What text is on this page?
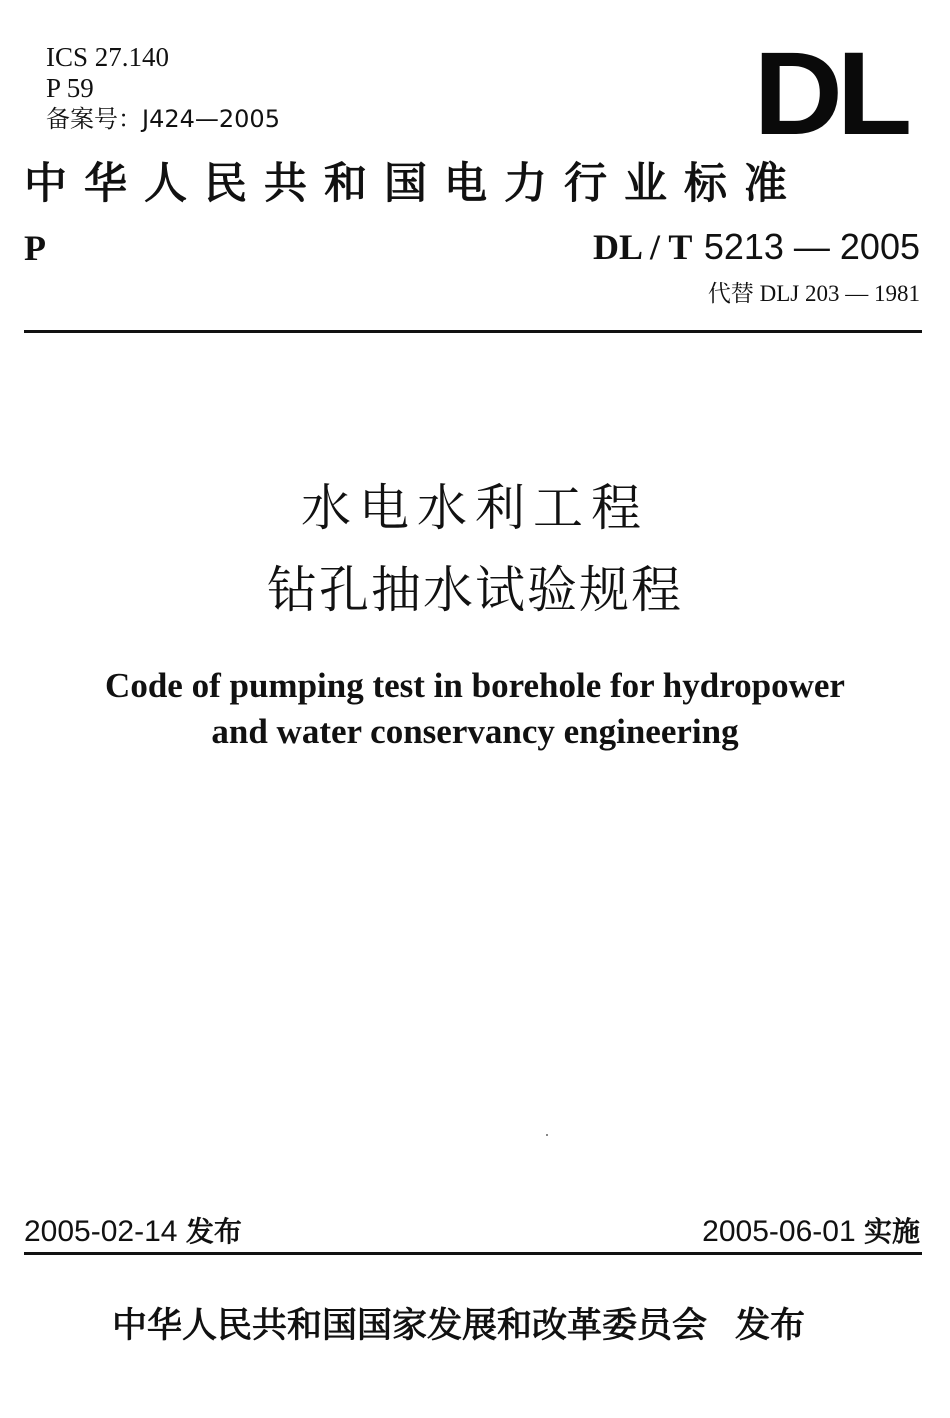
ICS 27.140
P 59
备案号：J424—2005	DL
中华人民共和国电力行业标准
P	DL / T 5213 — 2005
代替 DLJ 203 — 1981
水电水利工程
钻孔抽水试验规程
Code of pumping test in borehole for hydropower
and water conservancy engineering
2005-02-14 发布	2005-06-01 实施
中华人民共和国国家发展和改革委员会 发布
